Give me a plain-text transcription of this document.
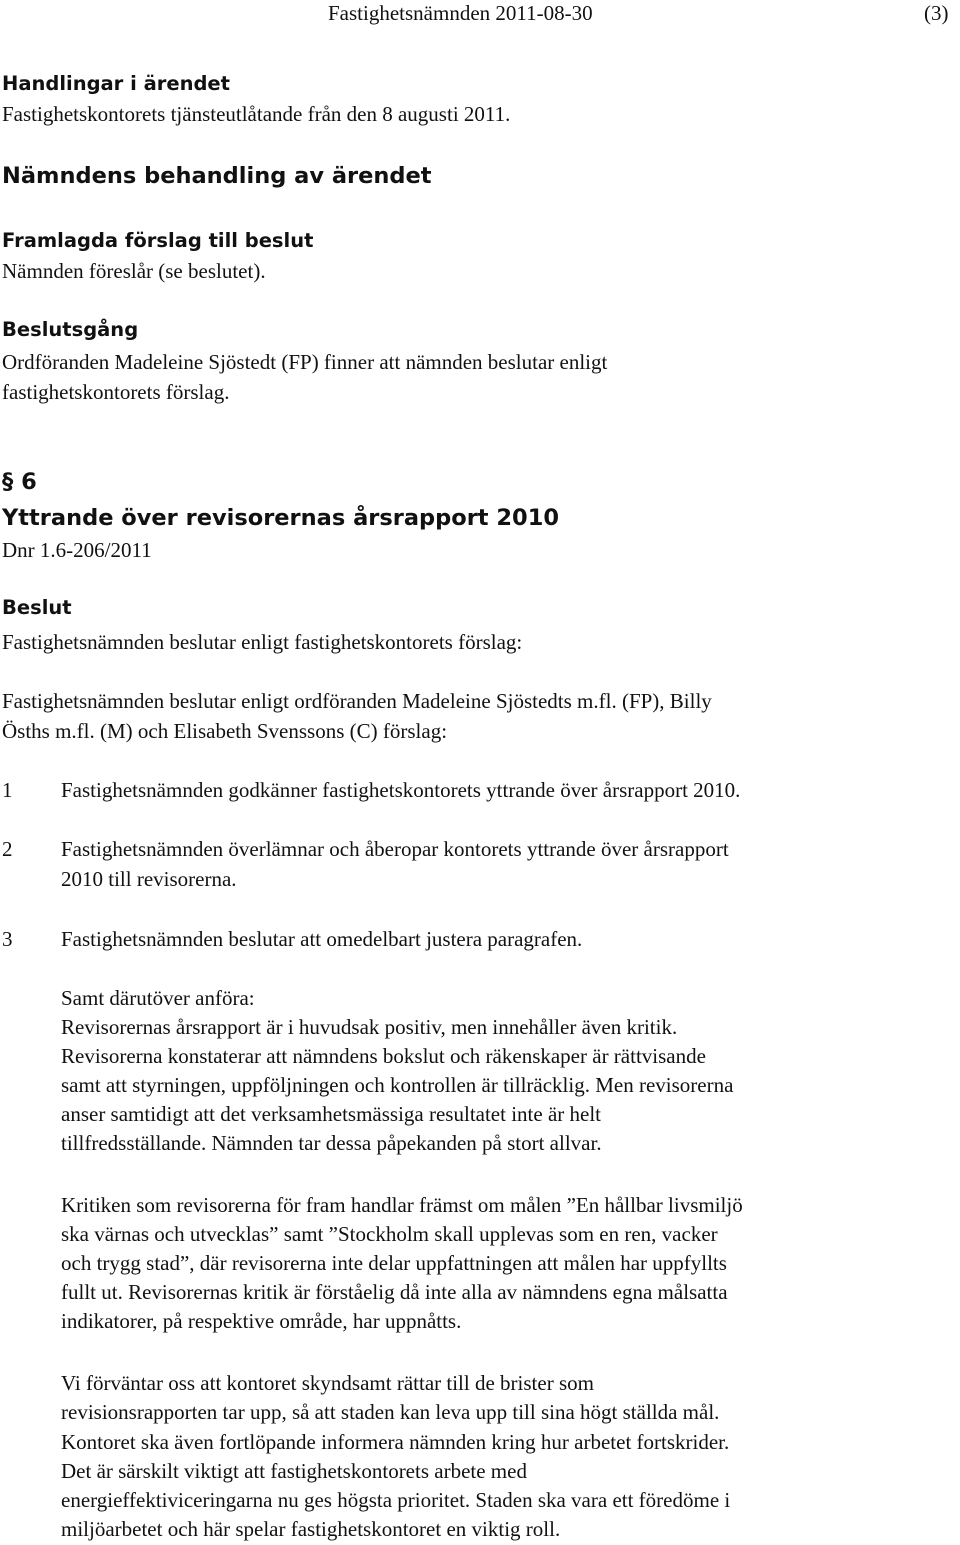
Fastighetsnämnden 2011-08-30	(3)
Handlingar i ärendet
Fastighetskontorets tjänsteutlåtande från den 8 augusti 2011.
Nämndens behandling av ärendet
Framlagda förslag till beslut
Nämnden föreslår (se beslutet).
Beslutsgång
Ordföranden Madeleine Sjöstedt (FP) finner att nämnden beslutar enligt
fastighetskontorets förslag.
§ 6
Yttrande över revisorernas årsrapport 2010
Dnr 1.6-206/2011
Beslut
Fastighetsnämnden beslutar enligt fastighetskontorets förslag:
Fastighetsnämnden beslutar enligt ordföranden Madeleine Sjöstedts m.fl. (FP), Billy
Ösths m.fl. (M) och Elisabeth Svenssons (C) förslag:
1 Fastighetsnämnden godkänner fastighetskontorets yttrande över årsrapport 2010.
2 Fastighetsnämnden överlämnar och åberopar kontorets yttrande över årsrapport
2010 till revisorerna.
3 Fastighetsnämnden beslutar att omedelbart justera paragrafen.
Samt därutöver anföra:
Revisorernas årsrapport är i huvudsak positiv, men innehåller även kritik.
Revisorerna konstaterar att nämndens bokslut och räkenskaper är rättvisande
samt att styrningen, uppföljningen och kontrollen är tillräcklig. Men revisorerna
anser samtidigt att det verksamhetsmässiga resultatet inte är helt
tillfredsställande. Nämnden tar dessa påpekanden på stort allvar.
Kritiken som revisorerna för fram handlar främst om målen ”En hållbar livsmiljö
ska värnas och utvecklas” samt ”Stockholm skall upplevas som en ren, vacker
och trygg stad”, där revisorerna inte delar uppfattningen att målen har uppfyllts
fullt ut. Revisorernas kritik är förståelig då inte alla av nämndens egna målsatta
indikatorer, på respektive område, har uppnåtts.
Vi förväntar oss att kontoret skyndsamt rättar till de brister som
revisionsrapporten tar upp, så att staden kan leva upp till sina högt ställda mål.
Kontoret ska även fortlöpande informera nämnden kring hur arbetet fortskrider.
Det är särskilt viktigt att fastighetskontorets arbete med
energieffektiviceringarna nu ges högsta prioritet. Staden ska vara ett föredöme i
miljöarbetet och här spelar fastighetskontoret en viktig roll.
